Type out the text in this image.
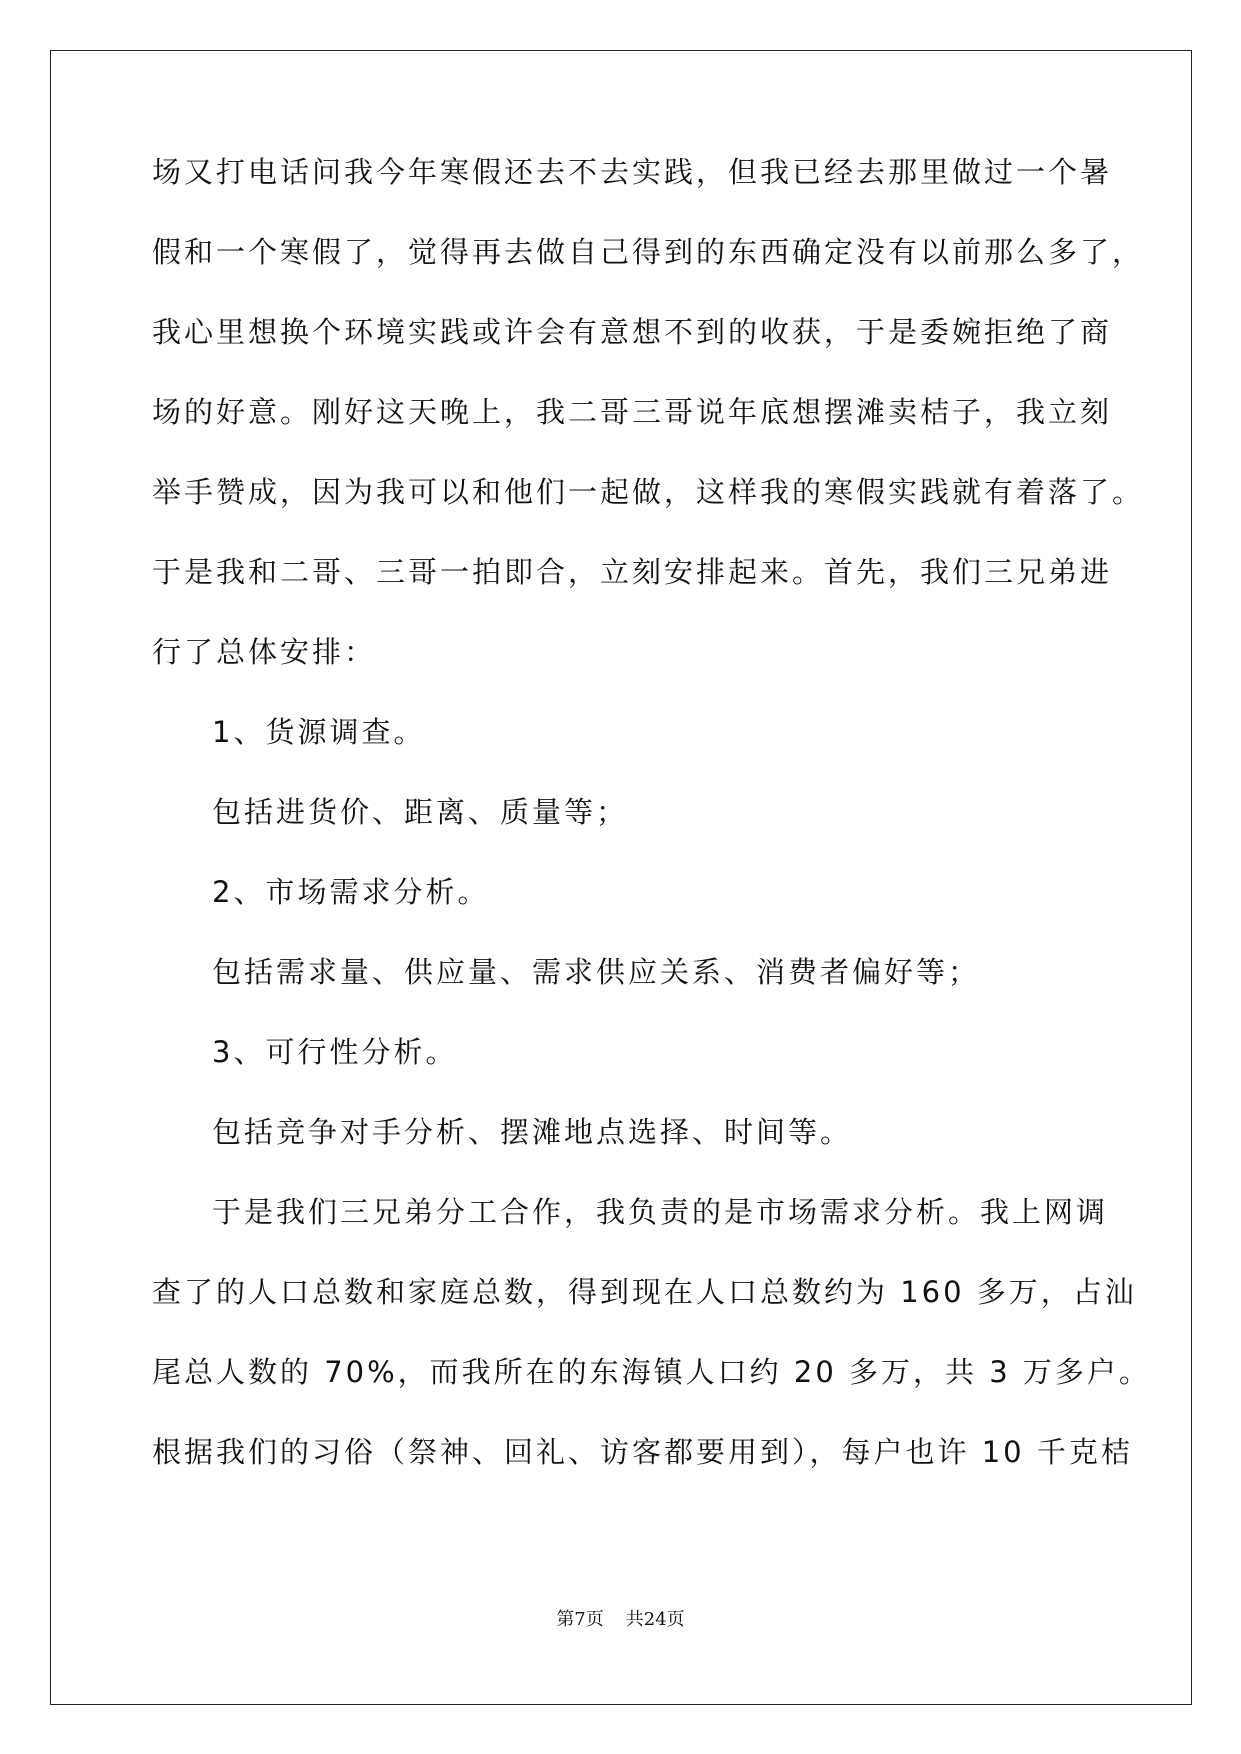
场又打电话问我今年寒假还去不去实践，但我已经去那里做过一个暑

假和一个寒假了，觉得再去做自己得到的东西确定没有以前那么多了，

我心里想换个环境实践或许会有意想不到的收获，于是委婉拒绝了商

场的好意。刚好这天晚上，我二哥三哥说年底想摆滩卖桔子，我立刻

举手赞成，因为我可以和他们一起做，这样我的寒假实践就有着落了。

于是我和二哥、三哥一拍即合，立刻安排起来。首先，我们三兄弟进

行了总体安排：

1、货源调查。

包括进货价、距离、质量等；

2、市场需求分析。

包括需求量、供应量、需求供应关系、消费者偏好等；

3、可行性分析。

包括竞争对手分析、摆滩地点选择、时间等。

于是我们三兄弟分工合作，我负责的是市场需求分析。我上网调

查了的人口总数和家庭总数，得到现在人口总数约为 160 多万，占汕

尾总人数的 70%，而我所在的东海镇人口约 20 多万，共 3 万多户。

根据我们的习俗（祭神、回礼、访客都要用到），每户也许 10 千克桔

第7页 共24页
